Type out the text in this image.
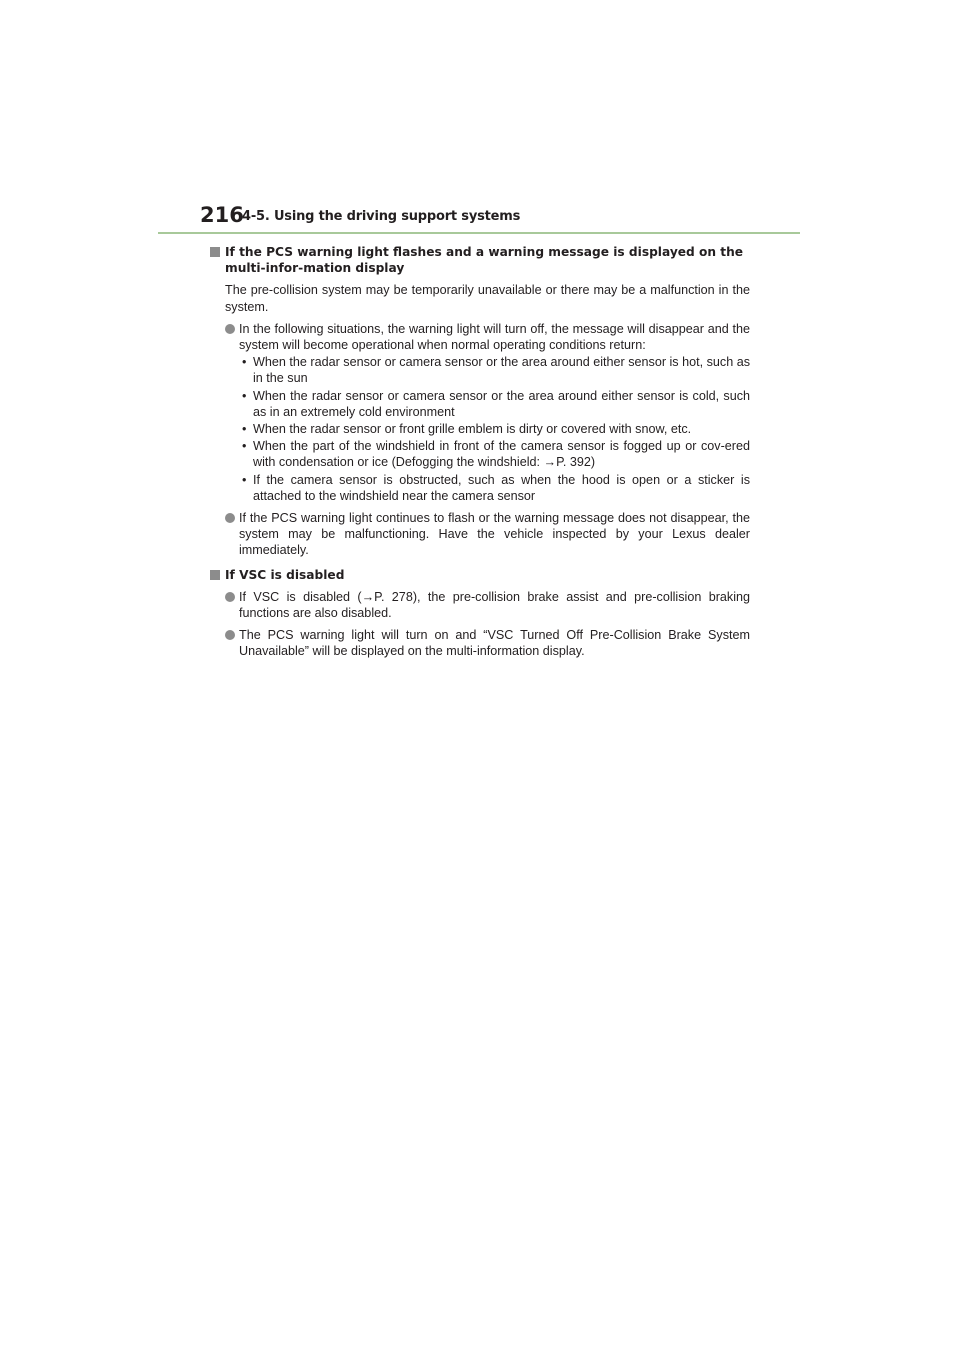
216
4-5. Using the driving support systems
If the PCS warning light flashes and a warning message is displayed on the multi-infor-mation display
The pre-collision system may be temporarily unavailable or there may be a malfunction in the system.
In the following situations, the warning light will turn off, the message will disappear and the system will become operational when normal operating conditions return:
• When the radar sensor or camera sensor or the area around either sensor is hot, such as in the sun
• When the radar sensor or camera sensor or the area around either sensor is cold, such as in an extremely cold environment
• When the radar sensor or front grille emblem is dirty or covered with snow, etc.
• When the part of the windshield in front of the camera sensor is fogged up or cov-ered with condensation or ice (Defogging the windshield: →P. 392)
• If the camera sensor is obstructed, such as when the hood is open or a sticker is attached to the windshield near the camera sensor
If the PCS warning light continues to flash or the warning message does not disappear, the system may be malfunctioning. Have the vehicle inspected by your Lexus dealer immediately.
If VSC is disabled
If VSC is disabled (→P. 278), the pre-collision brake assist and pre-collision braking functions are also disabled.
The PCS warning light will turn on and “VSC Turned Off Pre-Collision Brake System Unavailable” will be displayed on the multi-information display.
